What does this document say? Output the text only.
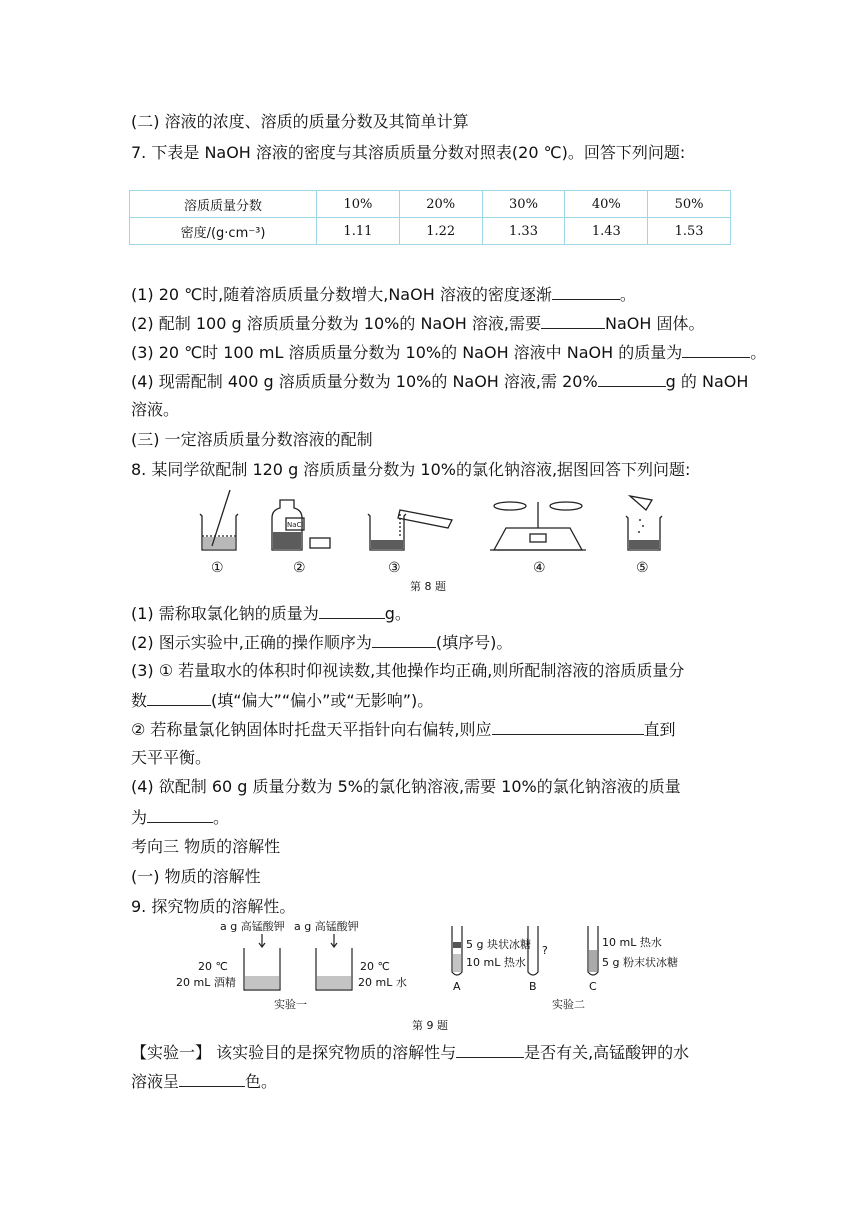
(二) 溶液的浓度、溶质的质量分数及其简单计算
7. 下表是 NaOH 溶液的密度与其溶质质量分数对照表(20 ℃)。回答下列问题:
溶质质量分数	10%	20%	30%	40%	50%
密度/(g·cm⁻³)	1.11	1.22	1.33	1.43	1.53
(1) 20 ℃时,随着溶质质量分数增大,NaOH 溶液的密度逐渐	。
(2) 配制 100 g 溶质质量分数为 10%的 NaOH 溶液,需要	NaOH 固体。
(3) 20 ℃时 100 mL 溶质质量分数为 10%的 NaOH 溶液中 NaOH 的质量为	。
(4) 现需配制 400 g 溶质质量分数为 10%的 NaOH 溶液,需 20%	g 的 NaOH
溶液。
(三) 一定溶质质量分数溶液的配制
8. 某同学欲配制 120 g 溶质质量分数为 10%的氯化钠溶液,据图回答下列问题:
NaCl
①	②	③	④	⑤
第 8 题
(1) 需称取氯化钠的质量为	g。
(2) 图示实验中,正确的操作顺序为	(填序号)。
(3) ① 若量取水的体积时仰视读数,其他操作均正确,则所配制溶液的溶质质量分
数	(填“偏大”“偏小”或“无影响”)。
② 若称量氯化钠固体时托盘天平指针向右偏转,则应	直到
天平平衡。
(4) 欲配制 60 g 质量分数为 5%的氯化钠溶液,需要 10%的氯化钠溶液的质量
为	。
考向三 物质的溶解性
(一) 物质的溶解性
9. 探究物质的溶解性。
a g 高锰酸钾 a g 高锰酸钾
20 ℃
20 mL 酒精
20 ℃
20 mL 水
实验一
5 g 块状冰糖
10 mL 热水
?
10 mL 热水
5 g 粉末状冰糖
A	B	C
实验二
第 9 题
【实验一】 该实验目的是探究物质的溶解性与	是否有关,高锰酸钾的水
溶液呈	色。
